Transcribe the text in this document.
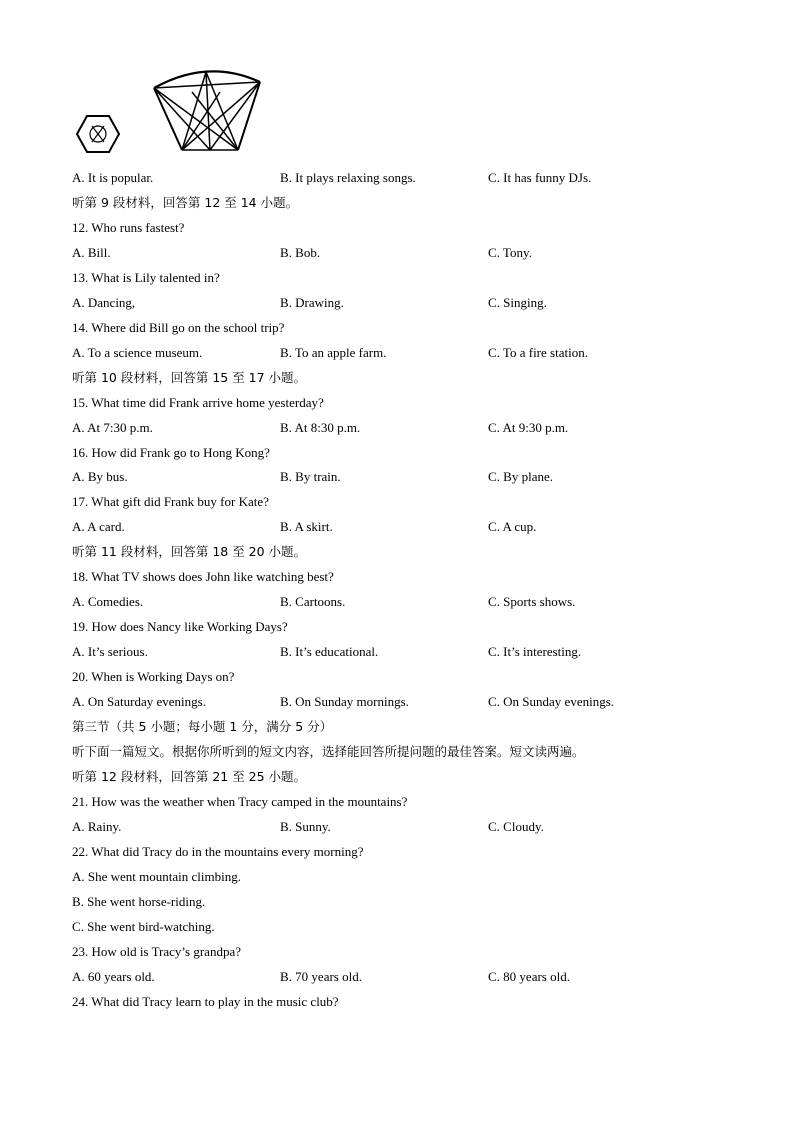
A. It is popular.	B. It plays relaxing songs.	C. It has funny DJs.
听第 9 段材料，回答第 12 至 14 小题。
12. Who runs fastest?
A. Bill.	B. Bob.	C. Tony.
13. What is Lily talented in?
A. Dancing,	B. Drawing.	C. Singing.
14. Where did Bill go on the school trip?
A. To a science museum.	B. To an apple farm.	C. To a fire station.
听第 10 段材料，回答第 15 至 17 小题。
15. What time did Frank arrive home yesterday?
A. At 7:30 p.m.	B. At 8:30 p.m.	C. At 9:30 p.m.
16. How did Frank go to Hong Kong?
A. By bus.	B. By train.	C. By plane.
17. What gift did Frank buy for Kate?
A. A card.	B. A skirt.	C. A cup.
听第 11 段材料，回答第 18 至 20 小题。
18. What TV shows does John like watching best?
A. Comedies.	B. Cartoons.	C. Sports shows.
19. How does Nancy like Working Days?
A. It’s serious.	B. It’s educational.	C. It’s interesting.
20. When is Working Days on?
A. On Saturday evenings.	B. On Sunday mornings.	C. On Sunday evenings.
第三节（共 5 小题；每小题 1 分，满分 5 分）
听下面一篇短文。根据你所听到的短文内容，选择能回答所提问题的最佳答案。短文读两遍。
听第 12 段材料，回答第 21 至 25 小题。
21. How was the weather when Tracy camped in the mountains?
A. Rainy.	B. Sunny.	C. Cloudy.
22. What did Tracy do in the mountains every morning?
A. She went mountain climbing.
B. She went horse-riding.
C. She went bird-watching.
23. How old is Tracy’s grandpa?
A. 60 years old.	B. 70 years old.	C. 80 years old.
24. What did Tracy learn to play in the music club?
